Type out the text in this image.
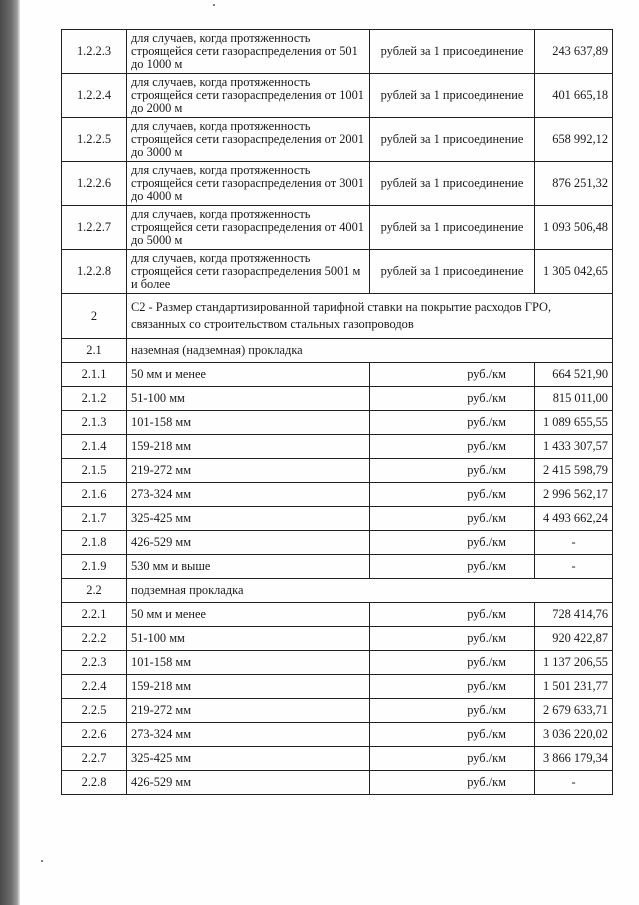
1.2.2.3	для случаев, когда протяженность строящейся сети газораспределения от 501 до 1000 м	рублей за 1 присоединение	243 637,89
1.2.2.4	для случаев, когда протяженность строящейся сети газораспределения от 1001 до 2000 м	рублей за 1 присоединение	401 665,18
1.2.2.5	для случаев, когда протяженность строящейся сети газораспределения от 2001 до 3000 м	рублей за 1 присоединение	658 992,12
1.2.2.6	для случаев, когда протяженность строящейся сети газораспределения от 3001 до 4000 м	рублей за 1 присоединение	876 251,32
1.2.2.7	для случаев, когда протяженность строящейся сети газораспределения от 4001 до 5000 м	рублей за 1 присоединение	1 093 506,48
1.2.2.8	для случаев, когда протяженность строящейся сети газораспределения 5001 м и более	рублей за 1 присоединение	1 305 042,65
2	С2 - Размер стандартизированной тарифной ставки на покрытие расходов ГРО, связанных со строительством стальных газопроводов		
2.1	наземная (надземная) прокладка		
2.1.1	50 мм и менее	руб./км	664 521,90
2.1.2	51-100 мм	руб./км	815 011,00
2.1.3	101-158 мм	руб./км	1 089 655,55
2.1.4	159-218 мм	руб./км	1 433 307,57
2.1.5	219-272 мм	руб./км	2 415 598,79
2.1.6	273-324 мм	руб./км	2 996 562,17
2.1.7	325-425 мм	руб./км	4 493 662,24
2.1.8	426-529 мм	руб./км	-
2.1.9	530 мм и выше	руб./км	-
2.2	подземная прокладка		
2.2.1	50 мм и менее	руб./км	728 414,76
2.2.2	51-100 мм	руб./км	920 422,87
2.2.3	101-158 мм	руб./км	1 137 206,55
2.2.4	159-218 мм	руб./км	1 501 231,77
2.2.5	219-272 мм	руб./км	2 679 633,71
2.2.6	273-324 мм	руб./км	3 036 220,02
2.2.7	325-425 мм	руб./км	3 866 179,34
2.2.8	426-529 мм	руб./км	-
